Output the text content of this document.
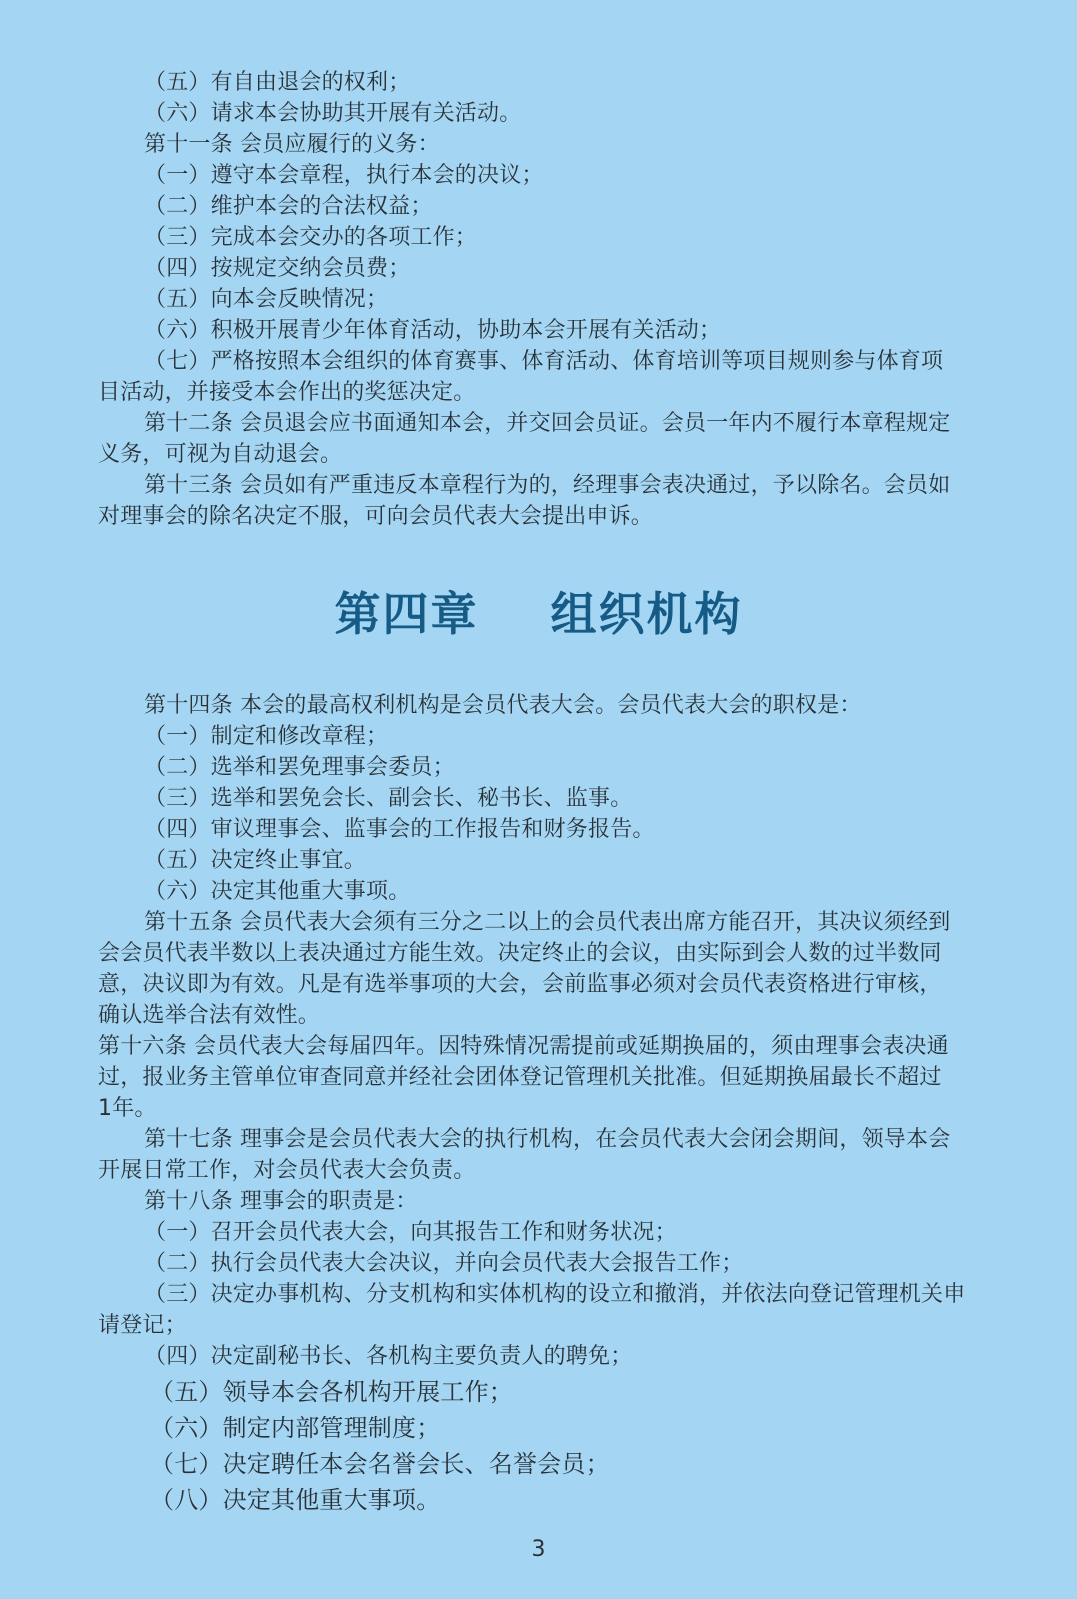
（五）有自由退会的权利；
（六）请求本会协助其开展有关活动。
第十一条 会员应履行的义务：
（一）遵守本会章程，执行本会的决议；
（二）维护本会的合法权益；
（三）完成本会交办的各项工作；
（四）按规定交纳会员费；
（五）向本会反映情况；
（六）积极开展青少年体育活动，协助本会开展有关活动；
（七）严格按照本会组织的体育赛事、体育活动、体育培训等项目规则参与体育项
目活动，并接受本会作出的奖惩决定。
第十二条 会员退会应书面通知本会，并交回会员证。会员一年内不履行本章程规定
义务，可视为自动退会。
第十三条 会员如有严重违反本章程行为的，经理事会表决通过，予以除名。会员如
对理事会的除名决定不服，可向会员代表大会提出申诉。
第四章    组织机构
第十四条 本会的最高权利机构是会员代表大会。会员代表大会的职权是：
（一）制定和修改章程；
（二）选举和罢免理事会委员；
（三）选举和罢免会长、副会长、秘书长、监事。
（四）审议理事会、监事会的工作报告和财务报告。
（五）决定终止事宜。
（六）决定其他重大事项。
第十五条 会员代表大会须有三分之二以上的会员代表出席方能召开，其决议须经到
会会员代表半数以上表决通过方能生效。决定终止的会议，由实际到会人数的过半数同
意，决议即为有效。凡是有选举事项的大会，会前监事必须对会员代表资格进行审核，
确认选举合法有效性。
第十六条 会员代表大会每届四年。因特殊情况需提前或延期换届的，须由理事会表决通
过，报业务主管单位审查同意并经社会团体登记管理机关批准。但延期换届最长不超过
1年。
第十七条 理事会是会员代表大会的执行机构，在会员代表大会闭会期间，领导本会
开展日常工作，对会员代表大会负责。
第十八条 理事会的职责是：
（一）召开会员代表大会，向其报告工作和财务状况；
（二）执行会员代表大会决议，并向会员代表大会报告工作；
（三）决定办事机构、分支机构和实体机构的设立和撤消，并依法向登记管理机关申
请登记；
（四）决定副秘书长、各机构主要负责人的聘免；
（五）领导本会各机构开展工作；
（六）制定内部管理制度；
（七）决定聘任本会名誉会长、名誉会员；
（八）决定其他重大事项。
3
